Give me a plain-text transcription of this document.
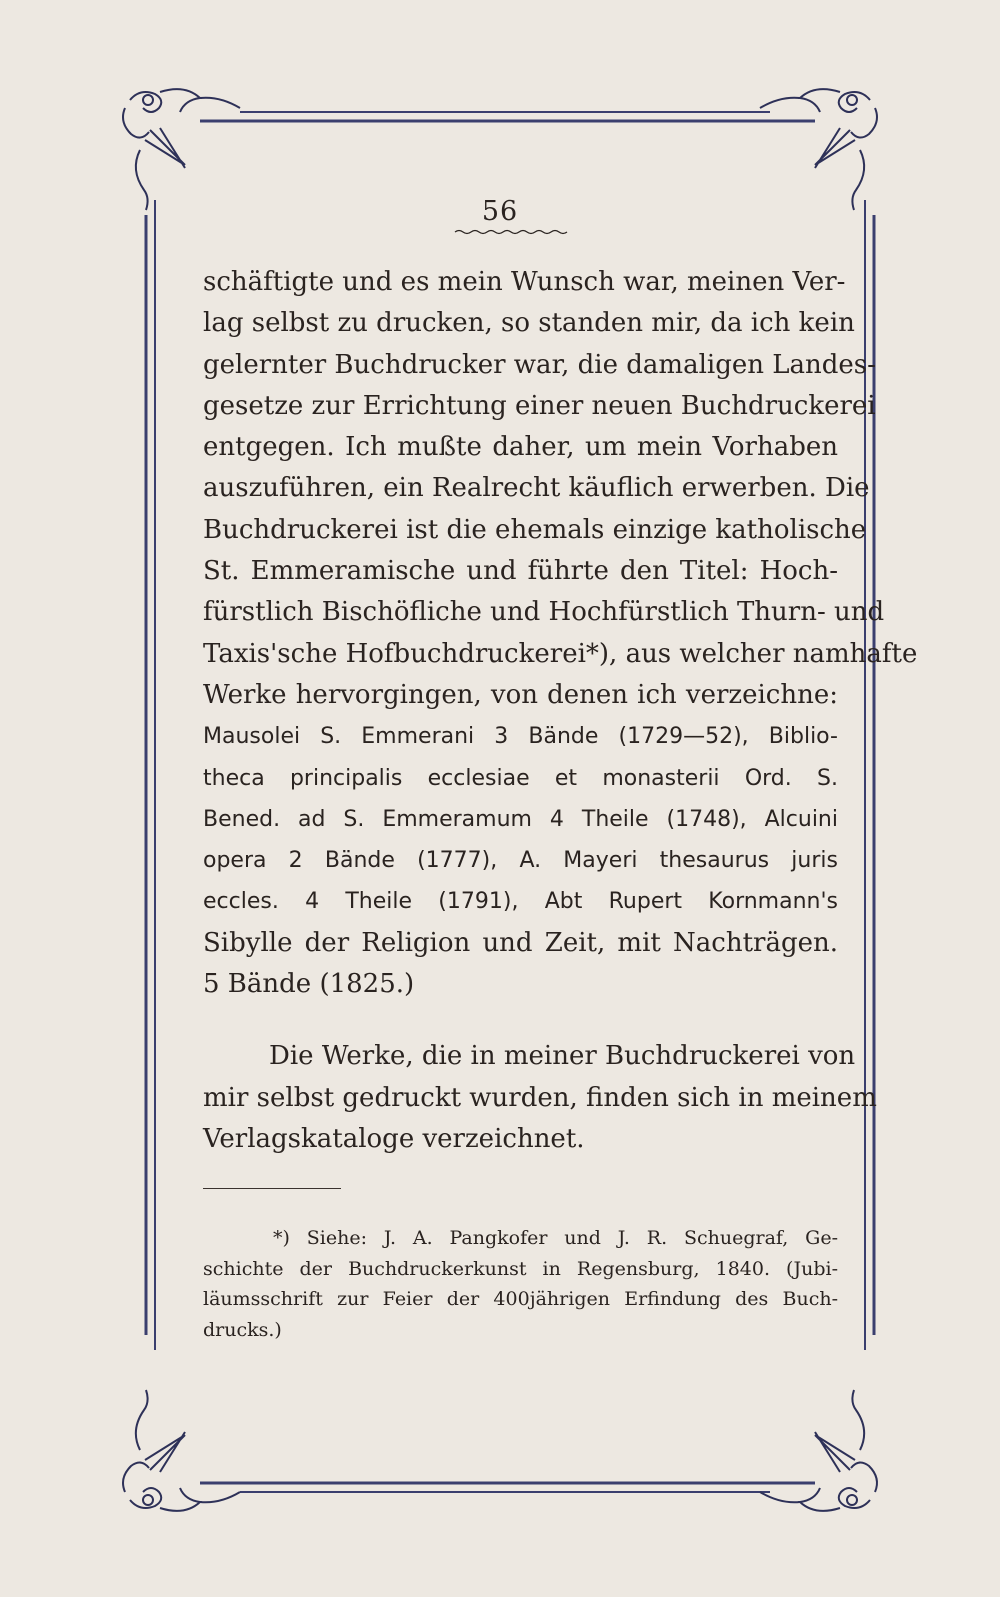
56
schäftigte und es mein Wunsch war, meinen Ver-
lag selbst zu drucken, so standen mir, da ich kein
gelernter Buchdrucker war, die damaligen Landes-
gesetze zur Errichtung einer neuen Buchdruckerei
entgegen. Ich mußte daher, um mein Vorhaben
auszuführen, ein Realrecht käuflich erwerben. Die
Buchdruckerei ist die ehemals einzige katholische
St. Emmeramische und führte den Titel: Hoch-
fürstlich Bischöfliche und Hochfürstlich Thurn- und
Taxis'sche Hofbuchdruckerei*), aus welcher namhafte
Werke hervorgingen, von denen ich verzeichne:
Mausolei S. Emmerani 3 Bände (1729—52), Biblio-
theca principalis ecclesiae et monasterii Ord. S.
Bened. ad S. Emmeramum 4 Theile (1748), Alcuini
opera 2 Bände (1777), A. Mayeri thesaurus juris
eccles. 4 Theile (1791), Abt Rupert Kornmann's
Sibylle der Religion und Zeit, mit Nachträgen.
5 Bände (1825.)
Die Werke, die in meiner Buchdruckerei von
mir selbst gedruckt wurden, finden sich in meinem
Verlagskataloge verzeichnet.
*) Siehe: J. A. Pangkofer und J. R. Schuegraf, Ge-
schichte der Buchdruckerkunst in Regensburg, 1840. (Jubi-
läumsschrift zur Feier der 400jährigen Erfindung des Buch-
drucks.)
